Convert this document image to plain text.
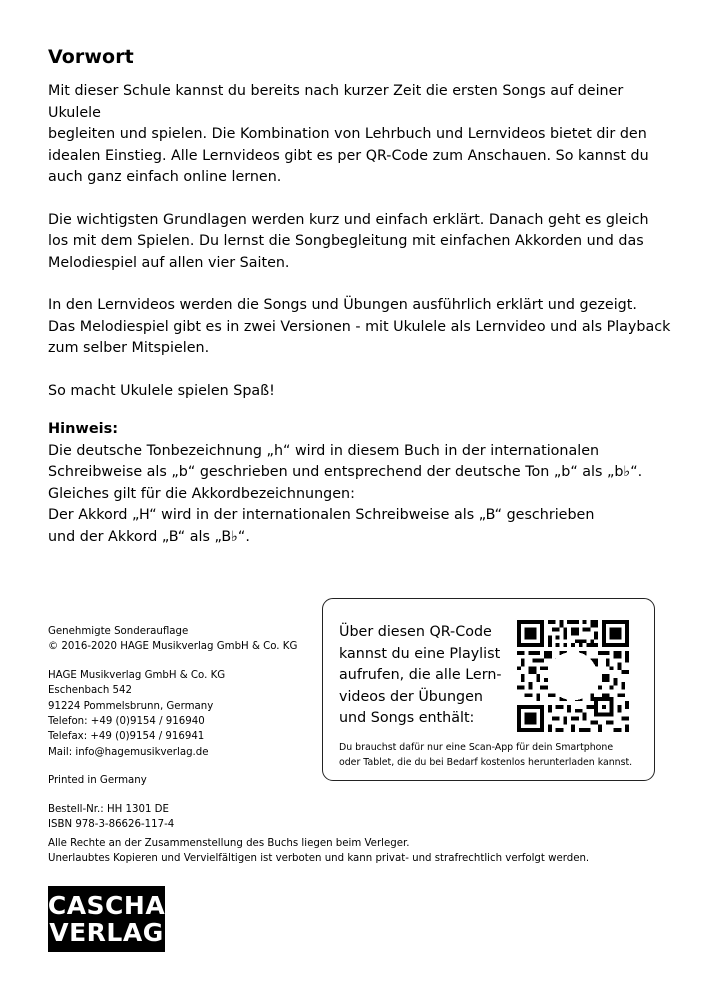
Vorwort

Mit dieser Schule kannst du bereits nach kurzer Zeit die ersten Songs auf deiner Ukulele
begleiten und spielen. Die Kombination von Lehrbuch und Lernvideos bietet dir den
idealen Einstieg. Alle Lernvideos gibt es per QR-Code zum Anschauen. So kannst du
auch ganz einfach online lernen.

Die wichtigsten Grundlagen werden kurz und einfach erklärt. Danach geht es gleich
los mit dem Spielen. Du lernst die Songbegleitung mit einfachen Akkorden und das
Melodiespiel auf allen vier Saiten.

In den Lernvideos werden die Songs und Übungen ausführlich erklärt und gezeigt.
Das Melodiespiel gibt es in zwei Versionen - mit Ukulele als Lernvideo und als Playback
zum selber Mitspielen.

So macht Ukulele spielen Spaß!

Hinweis:

Die deutsche Tonbezeichnung „h“ wird in diesem Buch in der internationalen
Schreibweise als „b“ geschrieben und entsprechend der deutsche Ton „b“ als „b♭“.
Gleiches gilt für die Akkordbezeichnungen:
Der Akkord „H“ wird in der internationalen Schreibweise als „B“ geschrieben
und der Akkord „B“ als „B♭“.

Genehmigte Sonderauflage
© 2016-2020 HAGE Musikverlag GmbH & Co. KG
HAGE Musikverlag GmbH & Co. KG
Eschenbach 542
91224 Pommelsbrunn, Germany
Telefon: +49 (0)9154 / 916940
Telefax: +49 (0)9154 / 916941
Mail: info@hagemusikverlag.de
Printed in Germany
Bestell-Nr.: HH 1301 DE
ISBN 978-3-86626-117-4
Über diesen QR-Code
kannst du eine Playlist
aufrufen, die alle Lern-
videos der Übungen
und Songs enthält:
Du brauchst dafür nur eine Scan-App für dein Smartphone
oder Tablet, die du bei Bedarf kostenlos herunterladen kannst.
Alle Rechte an der Zusammenstellung des Buchs liegen beim Verleger.
Unerlaubtes Kopieren und Vervielfältigen ist verboten und kann privat- und strafrechtlich verfolgt werden.
CASCHA
VERLAG
